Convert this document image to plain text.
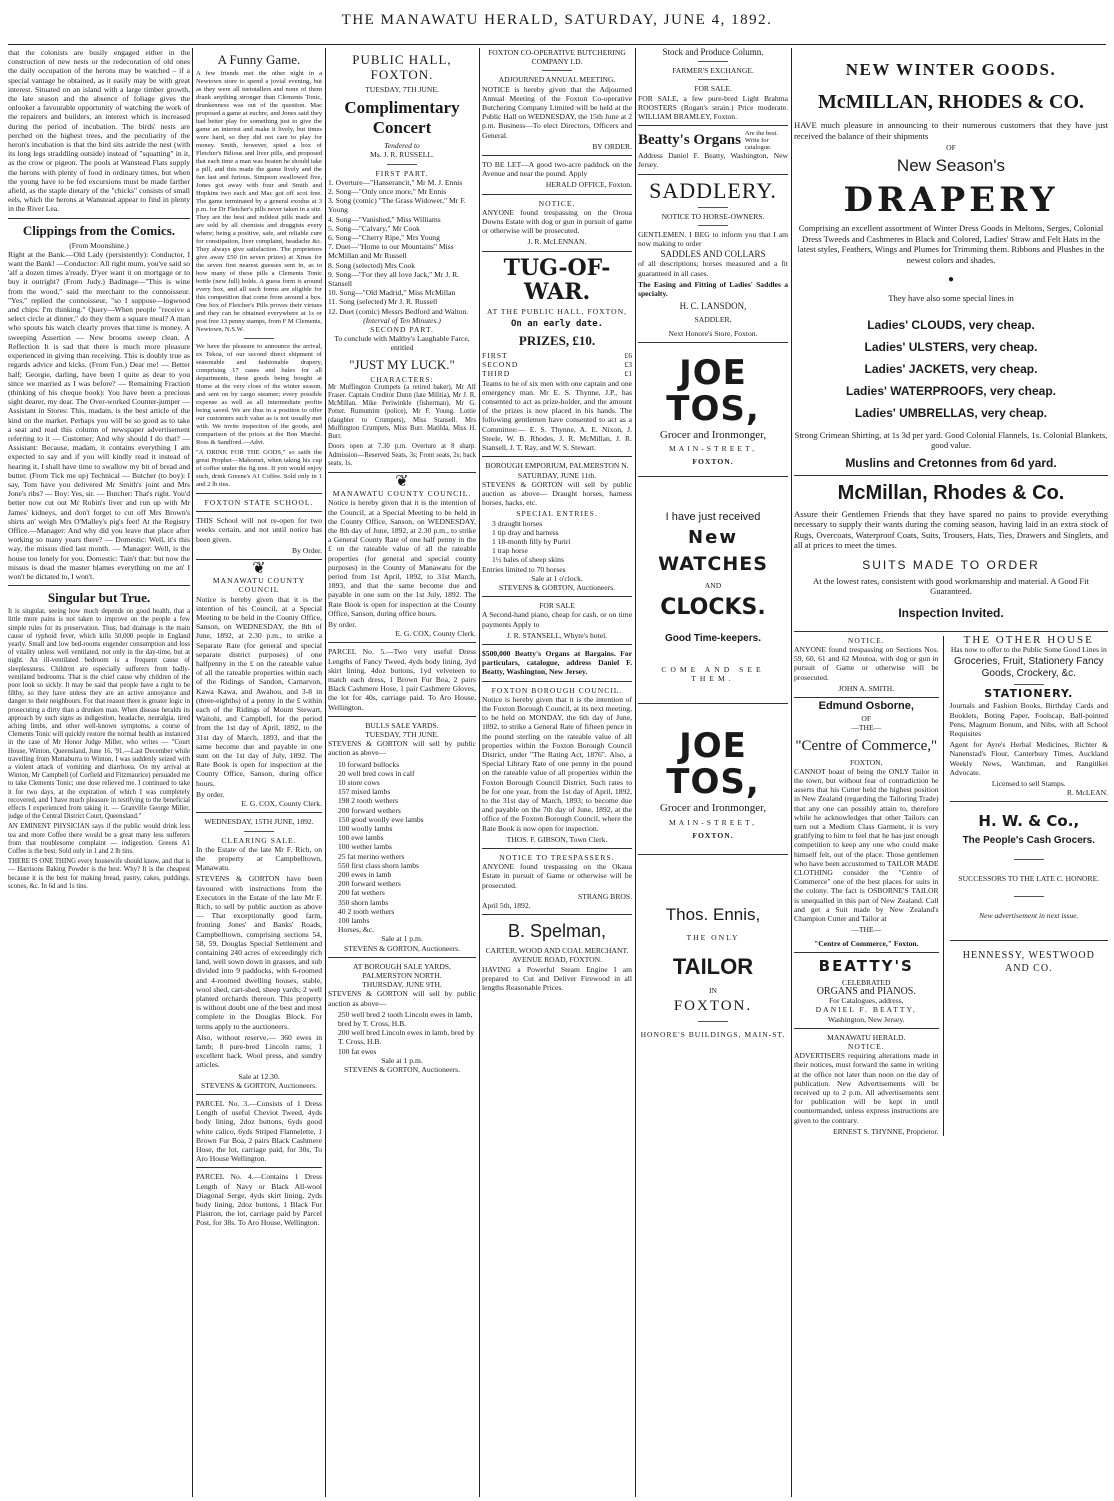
THE MANAWATU HERALD, SATURDAY, JUNE 4, 1892.

that the colonists are busily engaged either in the construction of new nests or the redecoration of old ones the daily occupation of the herons may be watched – if a special vantage be obtained, as it easily may be with great interest. Situated on an island with a large timber growth, the late season and the absence of foliage gives the onlooker a favourable opportunity of watching the work of the repairers and builders, an interest which is increased during the period of incubation. The birds' nests are perched on the highest trees, and the peculiarity of the heron's incubation is that the bird sits astride the nest (with its long legs straddling outside) instead of "squatting" in it, as the crow or pigeon. The pools at Wanstead Flats supply the herons with plenty of food in ordinary times, but when the young have to be fed excursions must be made farther afield, as the staple dietary of the "chicks" consists of small eels, which the herons at Wanstead appear to find in plenty in the River Lea.

Clippings from the Comics.
(From Moonshine.)

Right at the Bank.—Old Lady (persistently): Conductor, I want the Bank! —Conductor: All right mum, you've said so 'alf a dozen times a'ready. D'yer want it on mortgage or to buy it outright? (From Judy.) Badinage—"This is wine from the wood," said the merchant to the connoisseur. "Yes," replied the connoisseur, "so I suppose—logwood and chips. I'm thinking." Query—When people "receive a select circle at dinner," do they them a square meal? A man who spouts his watch clearly proves that time is money. A sweeping Assertion — New brooms sweep clean. A Reflection It is sad that there is much more pleasure experienced in giving than receiving. This is doubly true as regards advice and kicks. (From Fun.) Dear me! — Better half; Georgie, darling, have been I quite as dear to you since we married as I was before? — Remaining Fraction (thinking of his cheque book): You have been a precious sight dearer, my dear. The Over-worked Counter-jumper — Assistant in Stores: This, madam, is the best article of the kind on the market. Perhaps you will be so good as to take a seat and read this column of newspaper advertisement referring to it — Customer; And why should I do that? — Assistant: Because, madam, it contains everything I am expected to say and if you will kindly read it instead of hearing it, I shall have time to swallow my bit of bread and butter. (From Tick me up) Technical — Butcher (to boy): I say, Tom have you delivered Mr Smith's joint and Mrs Jone's ribs? — Boy: Yes, sir. — Butcher: That's right. You'd better now cut out Mr Robin's liver and run up with Mr James' kidneys, and don't forget to cut off Mrs Brown's shirts an' weigh Mrs O'Malley's pig's feet! At the Registry Office.—Manager: And why did you leave that place after working so many years there? — Domestic: Well, it's this way, the missus died last month. — Manager: Well, is the house too lonely for you. Domestic: Tain't that: but now the missus is dead the master blames everything on me an' I won't be dictated to, I won't.

Singular but True.

It is singular, seeing how much depends on good health, that a little more pains is not taken to improve on the people a few simple rules for its preservation. Thus, bad drainage is the main cause of typhoid fever, which kills 50,000 people in England yearly. Small and low bed-rooms engender consumption and loss of vitality unless well ventilated, not only in the day-time, but at night. An ill-ventilated bedroom is a frequent cause of sleeplessness. Children are especially sufferers from badly-ventilated bedrooms. That is the chief cause why children of the poor look so sickly. It may be said that people have a right to be filthy, so they have unless they are an active annoyance and danger to their neighbours. For that reason there is greater logic in prosecuting a dirty than a drunken man. When disease heralds its approach by such signs as indigestion, headache, neuralgia, tired aching limbs, and other well-known symptoms, a course of Clements Tonic will quickly restore the normal health as instanced in the case of Mr Honor Judge Miller, who writes — "Court House, Winton, Queensland, June 16, '91.—Last December while travelling from Muttaburra to Winton, I was suddenly seized with a violent attack of vomiting and diarrhoea. On my arrival at Winton, Mr Campbell (of Corfield and Fitzmaurice) persuaded me to take Clements Tonic; one dose relieved me. I continued to take it for two days, at the expiration of which I was completely recovered, and I have much pleasure in testifying to the beneficial effects I experienced from taking it. — Granville George Miller, judge of the Central District Court, Queensland."

AN EMINENT PHYSICIAN says if the public would drink less tea and more Coffee there would be a great many less sufferers from that troublesome complaint — indigestion. Greens A1 Coffee is the best. Sold only in 1 and 2 lb tins.

THERE IS ONE THING every housewife should know, and that is — Harrisons Baking Powder is the best. Why? It is the cheapest because it is the best for making bread, pastry, cakes, puddings, scones, &c. In 6d and 1s tins.

A Funny Game.

A few friends met the other night in a Newtown store to spend a jovial evening, but as they were all teetotallers and none of them drank anything stronger than Clements Tonic, drunkenness was out of the question. Mac proposed a game at euchre, and Jones said they had better play for something just to give the game an interest and make it lively, but times were hard, so they did not care to play for money. Smith, however, spied a box of Fletcher's Bilious and liver pills, and proposed that each time a man was beaten he should take a pill, and this made the game lively and the fun fast and furious. Simpson swallowed five, Jones got away with four and Smith and Hopkins two each and Mac got off scot free. The game terminated by a general exodus at 3 p.m. for Dr Fletcher's pills never taken in a sitz. They are the best and mildest pills made and are sold by all chemists and druggists every where; being a positive, safe, and reliable cure for constipation, liver complaint, headache &c. They always give satisfaction. The proprietors give away £50 (in seven prizes) at Xmas for the seven first nearest guesses sent in, as to how many of these pills a Clements Tonic bottle (new full) holds. A guess form is around every box, and all such forms are eligible for this competition that come from around a box. One box of Fletcher's Pills proves their virtues and they can be obtained everywhere at 1s or post free 13 penny stamps, from F M Clements, Newtown, N.S.W.

We have the pleasure to announce the arrival, ex Tekoa, of our second direct shipment of seasonable and fashionable drapery, comprising 17 cases and bales for all departments, these goods being bought at Home at the very close of the winter season, and sent on by cargo steamer; every possible expense as well as all intermediate profits being saved. We are thus in a position to offer our customers such value as is not usually met with. We invite inspection of the goods, and comparison of the prices at the Bon Marché. Ross & Sandford.—Advt.

"A DRINK FOR THE GODS," so saith the great Prophet—Mahomet, when taking his cup of coffee under the fig tree. If you would enjoy such, drink Greene's A1 Coffee. Sold only in 1 and 2 lb tins.

FOXTON STATE SCHOOL.

THIS School will not re-open for two weeks certain, and not until notice has been given.

By Order.
❦
MANAWATU COUNTY COUNCIL

Notice is hereby given that it is the intention of his Council, at a Special Meeting to be held in the County Office, Sanson, on WEDNESDAY, the 8th of June, 1892, at 2.30 p.m., to strike a Separate Rate (for general and special separate district purposes) of one halfpenny in the £ on the rateable value of all the rateable properties within each of the Ridings of Sandon, Carnarvon, Kawa Kawa, and Awahou, and 3-8 in (three-eighths) of a penny in the £ within each of the Ridings of Mount Stewart, Waitohi, and Campbell, for the period from the 1st day of April, 1892, to the 31st day of March, 1893, and that the same become due and payable in one sum on the 1st day of July, 1892. The Rate Book is open for inspection at the County Office, Sanson, during office hours.

By order.
E. G. COX, County Clerk.
WEDNESDAY, 15TH JUNE, 1892.
CLEARING SALE.

In the Estate of the late Mr F. Rich, on the property at Campbelltown, Manawatu.

STEVENS & GORTON have been favoured with instructions from the Executors in the Estate of the late Mr F. Rich, to sell by public auction as above— That exceptionally good farm, fronting Jones' and Banks' Roads, Campbelltown, comprising sections 54, 58, 59, Douglas Special Settlement and containing 240 acres of exceedingly rich land, well sown down in grasses, and sub divided into 9 paddocks, with 6-roomed and 4-roomed dwelling houses, stable, wool shed, cart-shed, sheep yards; 2 well planted orchards thereon. This property is without doubt one of the best and most complete in the Douglas Block. For terms apply to the auctioneers.

Also, without reserve,— 360 ewes in lamb; 8 pure-bred Lincoln rams; 1 excellent hack. Wool press, and sundry articles.

Sale at 12.30.
STEVENS & GORTON, Auctioneers.

PARCEL No. 3.—Consists of 1 Dress Length of useful Cheviot Tweed, 4yds body lining, 2doz buttons, 6yds good white calico, 6yds Striped Flannelette, 1 Brown Fur Boa, 2 pairs Black Cashmere Hose, the lot, carriage paid, for 30s, To Aro House Wellington.

PARCEL No. 4.—Contains 1 Dress Length of Navy or Black All-wool Diagonal Serge, 4yds skirt lining, 2yds body lining, 2doz buttons, 1 Black Fur Plastron, the lot, carriage paid by Parcel Post, for 38s. To Aro House, Wellington.

PUBLIC HALL, FOXTON.
TUESDAY, 7TH JUNE.
Complimentary Concert
Tendered to
Ms. J. R. RUSSELL.
FIRST PART.
1. Overture—"Hanserancit," Mr M. J. Ennis
2. Song—"Only once more," Mr Ennis
3. Song (comic) "The Grass Widower," Mr F. Young
4. Song—"Vanished," Miss Williams
5. Song—"Calvary," Mr Cook
6. Song—"Cherry Ripe," Mrs Young
7. Duet—"Home to our Mountains" Miss McMillan and Mr Russell
8. Song (selected) Mrs Cook
9. Song—"For they all love Jack," Mr J. R. Stansell
10. Song—"Old Madrid," Miss McMillan
11. Song (selected) Mr J. R. Russell
12. Duet (comic) Messrs Bedford and Walton.
(Interval of Ten Minutes.)
SECOND PART.

To conclude with Maltby's Laughable Farce, entitled

"JUST MY LUCK."
CHARACTERS:

Mr Muffington Crumpets (a retired baker), Mr Alf Fraser. Captain Creditor Dunn (late Militia), Mr J. R. McMillan. Mike Periwinkle (fisherman), Mr G. Potter. Rumumim (police), Mr F. Young. Lottie (daughter to Crumpets), Miss Stansell. Mrs Muffington Crumpets, Miss Burr. Matilda, Miss H. Burr.

Doors open at 7.30 p.m. Overture at 8 sharp. Admission—Reserved Seats, 3s; Front seats, 2s; back seats, 1s.

❦
MANAWATU COUNTY COUNCIL.

Notice is hereby given that it is the intention of the Council, at a Special Meeting to be held in the County Office, Sanson, on WEDNESDAY, the 8th day of June, 1892, at 2.30 p.m., to strike a General County Rate of one half penny in the £ on the rateable value of all the rateable properties (for general and special county purposes) in the County of Manawatu for the period from 1st April, 1892, to 31st March, 1893, and that the same become due and payable in one sum on the 1st July, 1892. The Rate Book is open for inspection at the County Office, Sanson, during office hours.

By order.
E. G. COX, County Clerk.

PARCEL No. 5.—Two very useful Dress Lengths of Fancy Tweed, 4yds body lining, 3yd skirt lining, 4doz buttons, 1yd velveteen to match each dress, 1 Brown Fur Boa, 2 pairs Black Cashmere Hose, 1 pair Cashmere Gloves, the lot for 40s, carriage paid. To Aro House, Wellington.

BULLS SALE YARDS.
TUESDAY, 7TH JUNE.

STEVENS & GORTON will sell by public auction as above—

10 forward bullocks
20 well bred cows in calf
10 store cows
157 mixed lambs
198 2 tooth wethers
200 forward wethers
150 good woolly ewe lambs
100 woolly lambs
100 ewe lambs
100 wether lambs
25 fat merino wethers
550 first class shorn lambs
200 ewes in lamb
200 forward wethers
200 fat wethers
350 shorn lambs
40 2 tooth wethers
100 lambs
Horses, &c.
Sale at 1 p.m.
STEVENS & GORTON, Auctioneers.
AT BOROUGH SALE YARDS, PALMERSTON NORTH.
THURSDAY, JUNE 9TH.

STEVENS & GORTON will sell by public auction as above—

250 well bred 2 tooth Lincoln ewes in lamb, bred by T. Cross, H.B.
200 well bred Lincoln ewes in lamb, bred by T. Cross, H.B.
100 fat ewes
Sale at 1 p.m.
STEVENS & GORTON, Auctioneers.
FOXTON CO-OPERATIVE BUTCHERING COMPANY LD.
ADJOURNED ANNUAL MEETING.

NOTICE is hereby given that the Adjourned Annual Meeting of the Foxton Co-operative Butchering Company Limited will be held at the Public Hall on WEDNESDAY, the 15th June at 2 p.m. Business—To elect Directors, Officers and General.

BY ORDER.

TO BE LET—A good two-acre paddock on the Avenue and near the pound. Apply

HERALD OFFICE, Foxton.
NOTICE.

ANYONE found trespassing on the Oroua Downs Estate with dog or gun in pursuit of game or otherwise will be prosecuted.

J. R. McLENNAN.
TUG-OF-WAR.
AT THE PUBLIC HALL, FOXTON,
On an early date.
PRIZES, £10.
FIRST	£6
SECOND	£3
THIRD	£1

Teams to be of six men with one captain and one emergency man. Mr E. S. Thynne, J.P., has consented to act as prize-holder, and the amount of the prizes is now placed in his hands. The following gentlemen have consented to act as a Committee:— E. S. Thynne, A. E. Nixon, J. Steele, W. B. Rhodes, J. R. McMillan, J. R. Stansell, J. T. Ray, and W. S. Stewart.

BOROUGH EMPORIUM, PALMERSTON N.
SATURDAY, JUNE 11th.

STEVENS & GORTON will sell by public auction as above— Draught horses, harness horses, hacks, etc.

SPECIAL ENTRIES.
3 draught horses
1 tip dray and harness
1 18-month filly by Purirí
1 trap horse
1½ bales of sheep skins
Entries limited to 70 horses
Sale at 1 o'clock.
STEVENS & GORTON, Auctioneers.
FOR SALE

A Second-hand piano, cheap for cash, or on time payments Apply to

J. R. STANSELL, Whyte's hotel.

$500,000 Beatty's Organs at Bargains. For particulars, catalogue, address Daniel F. Beatty, Washington, New Jersey.

FOXTON BOROUGH COUNCIL.

Notice is hereby given that it is the intention of the Foxton Borough Council, at its next meeting, to be held on MONDAY, the 6th day of June, 1892, to strike a General Rate of fifteen pence in the pound sterling on the rateable value of all properties within the Foxton Borough Council District, under "The Rating Act, 1876". Also, a Special Library Rate of one penny in the pound on the rateable value of all properties within the Foxton Borough Council District. Such rates to be for one year, from the 1st day of April, 1892, to the 31st day of March, 1893; to become due and payable on the 7th day of June, 1892, at the office of the Foxton Borough Council, where the Rate Book is now open for inspection.

THOS. F. GIBSON, Town Clerk.
NOTICE TO TRESPASSERS.

ANYONE found trespassing on the Okaua Estate in pursuit of Game or otherwise will be prosecuted.

STRANG BROS.
April 5th, 1892.
B. Spelman,
CARTER, WOOD AND COAL MERCHANT.
AVENUE ROAD, FOXTON.

HAVING a Powerful Steam Engine I am prepared to Cut and Deliver Firewood in all lengths Reasonable Prices.

Stock and Produce Column.
FARMER'S EXCHANGE.
FOR SALE.

FOR SALE, a few pure-bred Light Brahma ROOSTERS (Rogan's strain.) Price moderate. WILLIAM BRAMLEY, Foxton.

Beatty's Organs Are the best. Write for catalogue.

Address Daniel F. Beatty, Washington, New Jersey.

SADDLERY.
NOTICE TO HORSE-OWNERS.

GENTLEMEN. I BEG to inform you that I am now making to order

SADDLES AND COLLARS

of all descriptions; horses measured and a fit guaranteed in all cases.

The Easing and Fitting of Ladies' Saddles a specialty.

H. C. LANSDON,
SADDLER,
Next Honore's Store, Foxton.
JOE TOS,
Grocer and Ironmonger,
MAIN-STREET,
FOXTON.
I have just received
New
WATCHES
AND
CLOCKS.
Good Time-keepers.
COME AND SEE THEM.
JOE TOS,
Grocer and Ironmonger,
MAIN-STREET,
FOXTON.
Thos. Ennis,
THE ONLY
TAILOR
IN
FOXTON.
HONORE'S BUILDINGS, MAIN-ST.
NEW WINTER GOODS.
McMILLAN, RHODES & CO.

HAVE much pleasure in announcing to their numerous customers that they have just received the balance of their shipments

OF
New Season's
DRAPERY

Comprising an excellent assortment of Winter Dress Goods in Meltons, Serges, Colonial Dress Tweeds and Cashmeres in Black and Colored, Ladies' Straw and Felt Hats in the latest styles, Feathers, Wings and Plumes for Trimming them. Ribbons and Plushes in the newest colors and shades.

●
They have also some special lines in
Ladies' CLOUDS, very cheap.
Ladies' ULSTERS, very cheap.
Ladies' JACKETS, very cheap.
Ladies' WATERPROOFS, very cheap.
Ladies' UMBRELLAS, very cheap.

Strong Crimean Shirting, at 1s 3d per yard. Good Colonial Flannels, 1s. Colonial Blankets, good value.

Muslins and Cretonnes from 6d yard.
McMillan, Rhodes & Co.

Assure their Gentlemen Friends that they have spared no pains to provide everything necessary to supply their wants during the coming season, having laid in an extra stock of Rugs, Overcoats, Waterproof Coats, Suits, Trousers, Hats, Ties, Drawers and Singlets, and all at prices to meet the times.

SUITS MADE TO ORDER

At the lowest rates, consistent with good workmanship and material. A Good Fit Guaranteed.

Inspection Invited.
NOTICE.

ANYONE found trespassing on Sections Nos. 59, 60, 61 and 62 Moutoa, with dog or gun in pursuit of Game or otherwise will be prosecuted.

JOHN A. SMITH.
Edmund Osborne,
OF
—THE—
"Centre of Commerce,"
FOXTON,

CANNOT boast of being the ONLY Tailor in the town, but without fear of contradiction he asserts that his Cutter held the highest position in New Zealand (regarding the Tailoring Trade) that any one can possibly attain to, therefore while he acknowledges that other Tailors can turn out a Medium Class Garment, it is very gratifying to him to feel that he has just enough competition to keep any one who could make himself felt, out of the place. Those gentlemen who have been accustomed to TAILOR MADE CLOTHING consider the "Centre of Commerce" one of the best places for suits in the colony. The fact is OSBORNE'S TAILOR is unequalled in this part of New Zealand. Call and get a Suit made by New Zealand's Champion Cutter and Tailor at

—THE—
"Centre of Commerce," Foxton.
BEATTY'S
CELEBRATED
ORGANS and PIANOS.
For Catalogues, address,
DANIEL F. BEATTY,
Washington, New Jersey.
MANAWATU HERALD.
NOTICE.

ADVERTISERS requiring alterations made in their notices, must forward the same in writing at the office not later than noon on the day of publication. New Advertisements will be received up to 2 p.m. All advertisements sent for publication will be kept in until countermanded, unless express instructions are given to the contrary.

ERNEST S. THYNNE, Proprietor.
THE OTHER HOUSE

Has now to offer to the Public Some Good Lines in

Groceries, Fruit, Stationery Fancy Goods, Crockery, &c.
STATIONERY.

Journals and Fashion Books, Birthday Cards and Booklets, Boting Paper, Foolscap, Ball-pointed Pens, Magnum Bonum, and Nibs, with all School Requisites

Agent for Ayre's Herbal Medicines, Richter & Nanenstad's Flour, Canterbury Times, Auckland Weekly News, Watchman, and Rangitikei Advocate.

Licensed to sell Stamps.
R. McLEAN.
H. W. & Co.,
The People's Cash Grocers.
SUCCESSORS TO THE LATE C. HONORE.
New advertisement in next issue.
HENNESSY, WESTWOOD AND CO.
